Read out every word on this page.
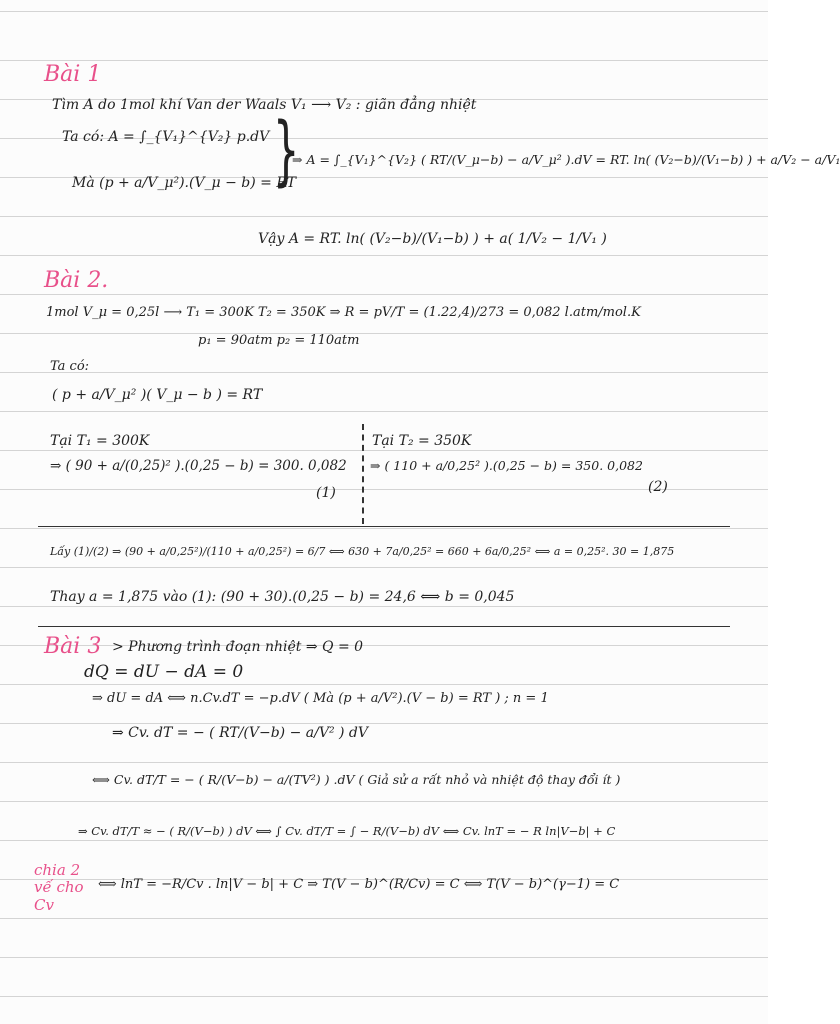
Bài 1
Tìm A do 1mol khí Van der Waals V₁ ⟶ V₂ : giãn đẳng nhiệt
Ta có: A = ∫_{V₁}^{V₂} p.dV
Mà (p + a/V_μ²).(V_μ − b) = RT
}
⇒ A = ∫_{V₁}^{V₂} ( RT/(V_μ−b) − a/V_μ² ).dV = RT. ln( (V₂−b)/(V₁−b) ) + a/V₂ − a/V₁
Vậy A = RT. ln( (V₂−b)/(V₁−b) ) + a( 1/V₂ − 1/V₁ )
Bài 2.
1mol V_μ = 0,25l ⟶ T₁ = 300K T₂ = 350K ⇒ R = pV/T = (1.22,4)/273 = 0,082 l.atm/mol.K
p₁ = 90atm p₂ = 110atm
Ta có:
( p + a/V_μ² )( V_μ − b ) = RT
Tại T₁ = 300K	Tại T₂ = 350K
⇒ ( 90 + a/(0,25)² ).(0,25 − b) = 300. 0,082 ⇒ ( 110 + a/0,25² ).(0,25 − b) = 350. 0,082
(1)	(2)
Lấy (1)/(2) ⇒ (90 + a/0,25²)/(110 + a/0,25²) = 6/7 ⟺ 630 + 7a/0,25² = 660 + 6a/0,25² ⟺ a = 0,25². 30 = 1,875
Thay a = 1,875 vào (1): (90 + 30).(0,25 − b) = 24,6 ⟺ b = 0,045
Bài 3 > Phương trình đoạn nhiệt ⇒ Q = 0
dQ = dU − dA = 0
⇒ dU = dA ⟺ n.Cv.dT = −p.dV ( Mà (p + a/V²).(V − b) = RT ) ; n = 1
⇒ Cv. dT = − ( RT/(V−b) − a/V² ) dV
⟺ Cv. dT/T = − ( R/(V−b) − a/(TV²) ) .dV ( Giả sử a rất nhỏ và nhiệt độ thay đổi ít )
⇒ Cv. dT/T ≈ − ( R/(V−b) ) dV ⟺ ∫ Cv. dT/T = ∫ − R/(V−b) dV ⟺ Cv. lnT = − R ln|V−b| + C
chia 2 vế cho Cv
⟺ lnT = −R/Cv . ln|V − b| + C ⇒ T(V − b)^(R/Cv) = C ⟺ T(V − b)^(γ−1) = C
